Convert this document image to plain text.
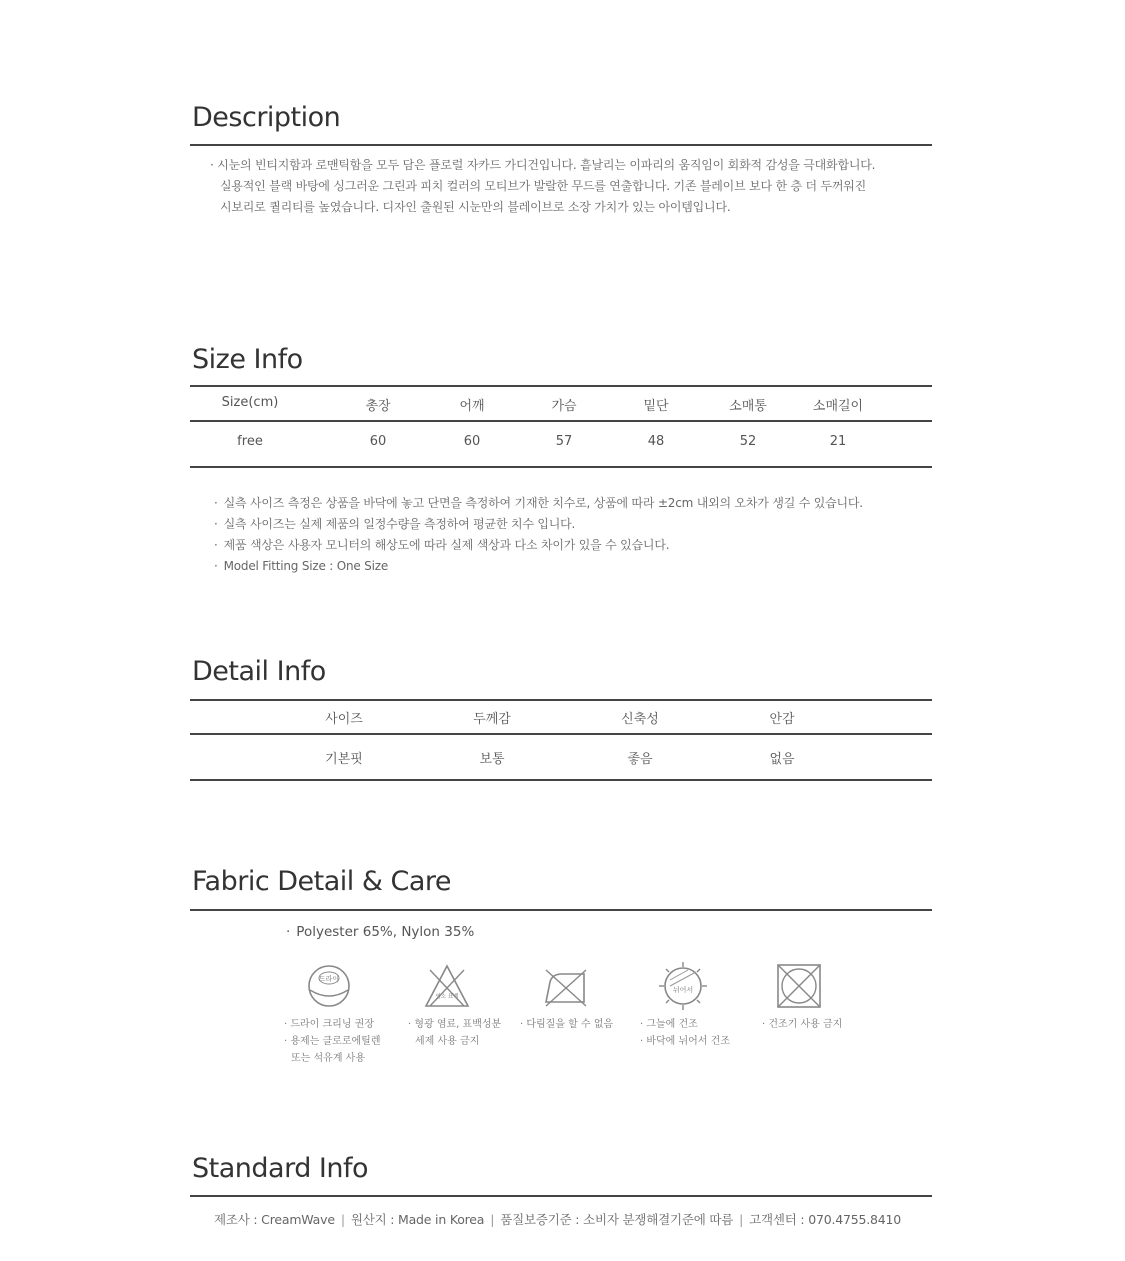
Description

· 시눈의 빈티지함과 로맨틱함을 모두 담은 플로럴 자카드 가디건입니다. 흩날리는 이파리의 움직임이 회화적 감성을 극대화합니다.
실용적인 블랙 바탕에 싱그러운 그린과 피치 컬러의 모티브가 발랄한 무드를 연출합니다. 기존 블레이브 보다 한 층 더 두꺼워진
시보리로 퀄리티를 높였습니다. 디자인 출원된 시눈만의 블레이브로 소장 가치가 있는 아이템입니다.

Size Info
Size(cm)	총장	어깨	가슴	밑단	소매통	소매길이
free	60	60	57	48	52	21
· 실측 사이즈 측정은 상품을 바닥에 놓고 단면을 측정하여 기재한 치수로, 상품에 따라 ±2cm 내외의 오차가 생길 수 있습니다.
· 실측 사이즈는 실제 제품의 일정수량을 측정하여 평균한 치수 입니다.
· 제품 색상은 사용자 모니터의 해상도에 따라 실제 색상과 다소 차이가 있을 수 있습니다.
· Model Fitting Size : One Size
Detail Info
사이즈	두께감	신축성	안감
기본핏	보통	좋음	없음
Fabric Detail & Care
· Polyester 65%, Nylon 35%
드라이
· 드라이 크리닝 권장
· 용제는 클로로에틸렌
또는 석유계 사용
염소 표백
· 형광 염료, 표백성분
세제 사용 금지
· 다림질을 할 수 없음
뉘어서
· 그늘에 건조
· 바닥에 뉘어서 건조
· 건조기 사용 금지
Standard Info
제조사 : CreamWave | 원산지 : Made in Korea | 품질보증기준 : 소비자 분쟁해결기준에 따름 | 고객센터 : 070.4755.8410
